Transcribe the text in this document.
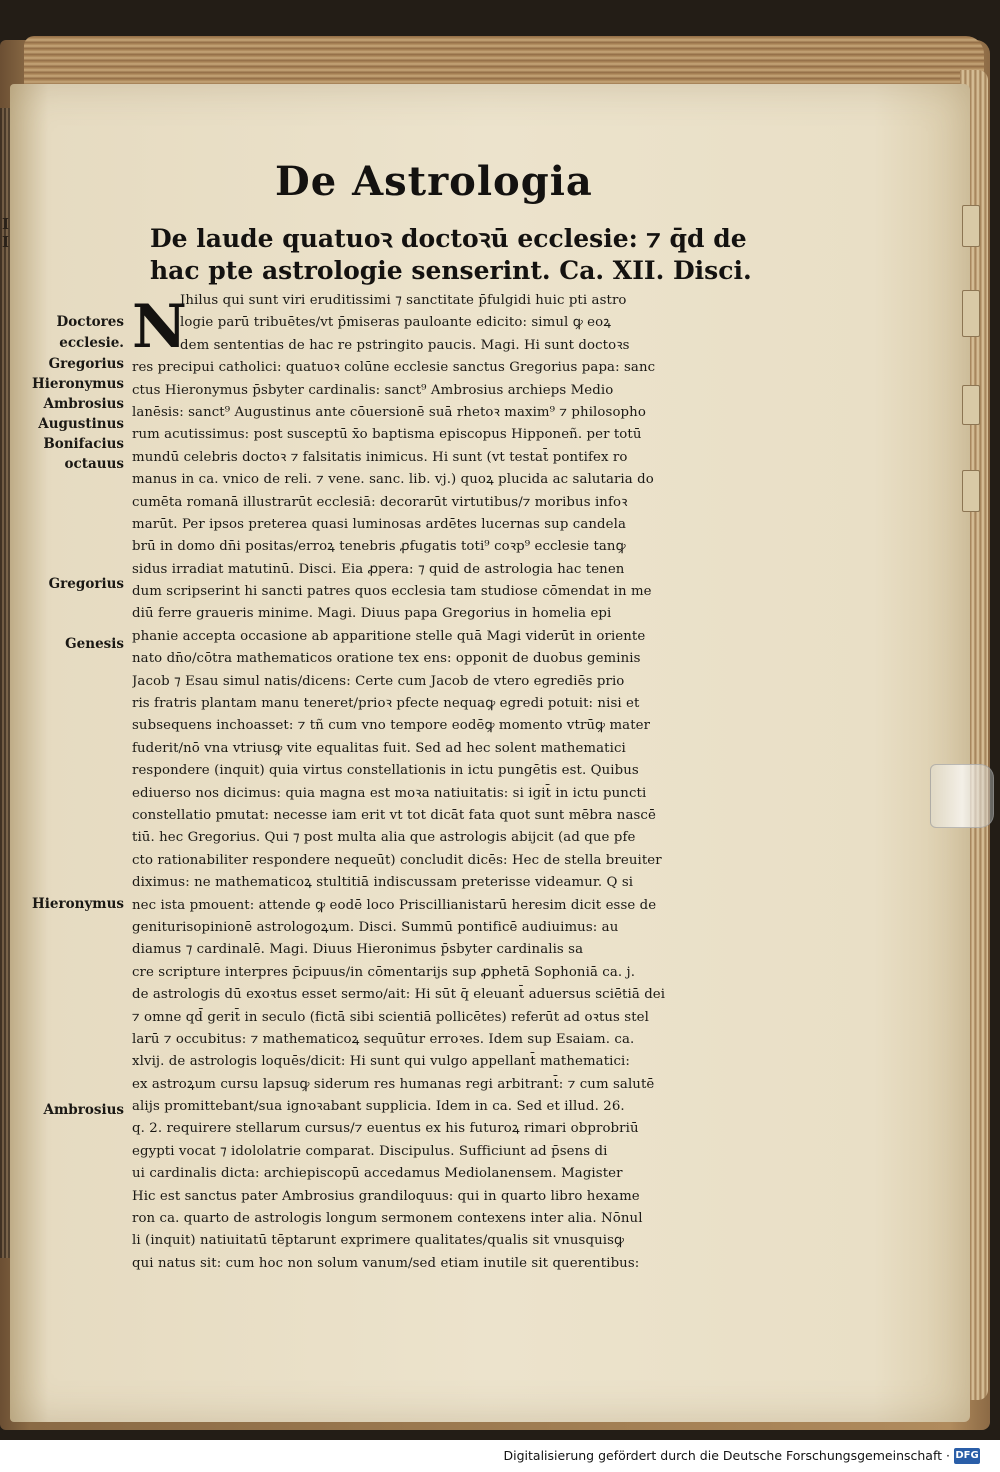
I I
De Astrologia
De laude quatuoꝛ doctoꝛū ecclesie: ⁊ q̄d de
hac pte astrologie senserint. Ca. XII. Disci.
N
Ihilus qui sunt viri eruditissimi ⁊ sanctitate p̄fulgidi huic pti astro
logie parū tribuētes/vt p̄miseras pauloante edicito: simul ꝙ eoꝝ
dem sententias de hac re pstringito paucis. Magi. Hi sunt doctoꝛs
res precipui catholici: quatuoꝛ colūne ecclesie sanctus Gregorius papa: sanc
ctus Hieronymus p̄sbyter cardinalis: sanct⁹ Ambrosius archieps Medio
lanēsis: sanct⁹ Augustinus ante cōuersionē suā rhetoꝛ maxim⁹ ⁊ philosopho
rum acutissimus: post susceptū x̄o baptisma episcopus Hipponeñ. per totū
mundū celebris doctoꝛ ⁊ falsitatis inimicus. Hi sunt (vt testat̄ pontifex ro
manus in ca. vnico de reli. ⁊ vene. sanc. lib. vj.) quoꝝ plucida ac salutaria do
cumēta romanā illustrarūt ecclesiā: decorarūt virtutibus/⁊ moribus infoꝛ
marūt. Per ipsos preterea quasi luminosas ardētes lucernas sup candela
brū in domo dn̄i positas/erroꝝ tenebris ꝓfugatis toti⁹ coꝛp⁹ ecclesie tanꝙ
sidus irradiat matutinū. Disci. Eia ꝓpera: ⁊ quid de astrologia hac tenen
dum scripserint hi sancti patres quos ecclesia tam studiose cōmendat in me
diū ferre graueris minime. Magi. Diuus papa Gregorius in homelia epi
phanie accepta occasione ab apparitione stelle quā Magi viderūt in oriente
nato dn̄o/cōtra mathematicos oratione tex ens: opponit de duobus geminis
Jacob ⁊ Esau simul natis/dicens: Certe cum Jacob de vtero egrediēs prio
ris fratris plantam manu teneret/prioꝛ pfecte nequaꝙ egredi potuit: nisi et
subsequens inchoasset: ⁊ tñ cum vno tempore eodēꝙ momento vtrūꝙ mater
fuderit/nō vna vtriusꝙ vite equalitas fuit. Sed ad hec solent mathematici
respondere (inquit) quia virtus constellationis in ictu pungētis est. Quibus
ediuerso nos dicimus: quia magna est moꝛa natiuitatis: si igit̄ in ictu puncti
constellatio pmutat: necesse iam erit vt tot dicāt fata quot sunt mēbra nascē
tiū. hec Gregorius. Qui ⁊ post multa alia que astrologis abijcit (ad que pfe
cto rationabiliter respondere nequeūt) concludit dicēs: Hec de stella breuiter
diximus: ne mathematicoꝝ stultitiā indiscussam preterisse videamur. Q si
nec ista pmouent: attende ꝙ eodē loco Priscillianistarū heresim dicit esse de
geniturisopinionē astrologoꝝum. Disci. Summū pontificē audiuimus: au
diamus ⁊ cardinalē. Magi. Diuus Hieronimus p̄sbyter cardinalis sa
cre scripture interpres p̄cipuus/in cōmentarijs sup ꝓphetā Sophoniā ca. j.
de astrologis dū exoꝛtus esset sermo/ait: Hi sūt q̄ eleuant̄ aduersus sciētiā dei
⁊ omne qd̄ gerit̄ in seculo (fictā sibi scientiā pollicētes) referūt ad oꝛtus stel
larū ⁊ occubitus: ⁊ mathematicoꝝ sequūtur erroꝛes. Idem sup Esaiam. ca.
xlvij. de astrologis loquēs/dicit: Hi sunt qui vulgo appellant̄ mathematici:
ex astroꝝum cursu lapsuꝙ siderum res humanas regi arbitrant̄: ⁊ cum salutē
alijs promittebant/sua ignoꝛabant supplicia. Idem in ca. Sed et illud. 26.
q. 2. requirere stellarum cursus/⁊ euentus ex his futuroꝝ rimari obprobriū
egypti vocat ⁊ idololatrie comparat. Discipulus. Sufficiunt ad p̄sens di
ui cardinalis dicta: archiepiscopū accedamus Mediolanensem. Magister
Hic est sanctus pater Ambrosius grandiloquus: qui in quarto libro hexame
ron ca. quarto de astrologis longum sermonem contexens inter alia. Nōnul
li (inquit) natiuitatū tēptarunt exprimere qualitates/qualis sit vnusquisꝙ
qui natus sit: cum hoc non solum vanum/sed etiam inutile sit querentibus:
Doctores
ecclesie.
Gregorius
Hieronymus
Ambrosius
Augustinus
Bonifacius
octauus
Gregorius
Genesis
Hieronymus
Ambrosius
Digitalisierung gefördert durch die Deutsche Forschungsgemeinschaft · DFG
